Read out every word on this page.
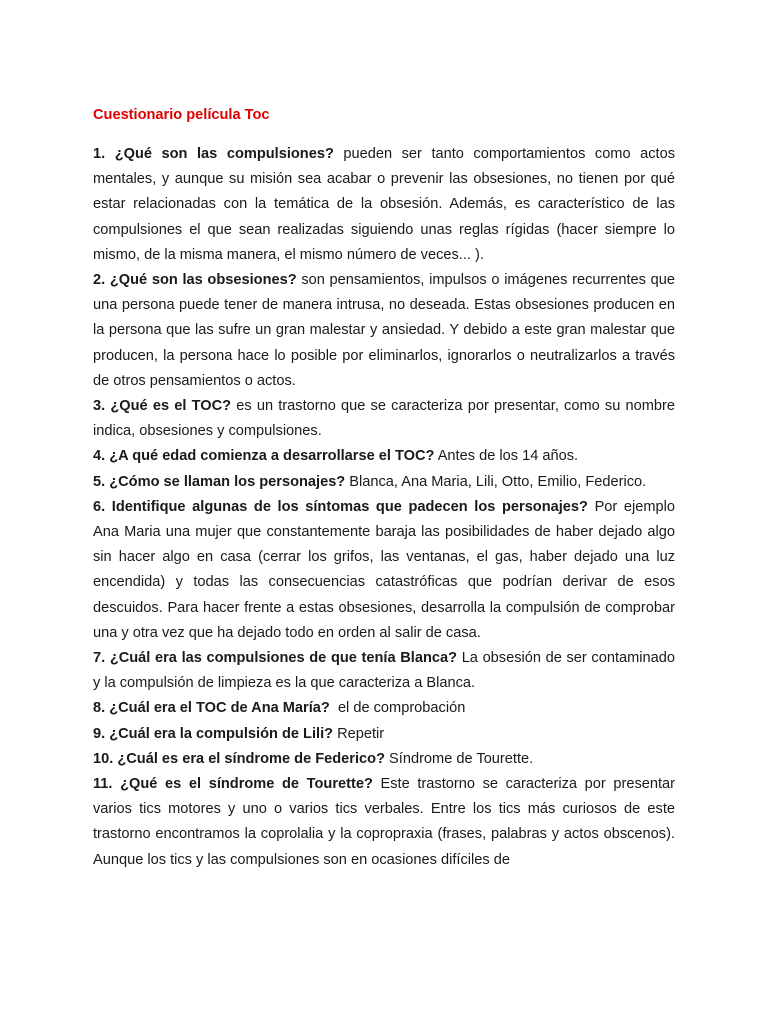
Cuestionario película Toc

1. ¿Qué son las compulsiones? pueden ser tanto comportamientos como actos mentales, y aunque su misión sea acabar o prevenir las obsesiones, no tienen por qué estar relacionadas con la temática de la obsesión. Además, es característico de las compulsiones el que sean realizadas siguiendo unas reglas rígidas (hacer siempre lo mismo, de la misma manera, el mismo número de veces... ).

2. ¿Qué son las obsesiones? son pensamientos, impulsos o imágenes recurrentes que una persona puede tener de manera intrusa, no deseada. Estas obsesiones producen en la persona que las sufre un gran malestar y ansiedad. Y debido a este gran malestar que producen, la persona hace lo posible por eliminarlos, ignorarlos o neutralizarlos a través de otros pensamientos o actos.

3. ¿Qué es el TOC? es un trastorno que se caracteriza por presentar, como su nombre indica, obsesiones y compulsiones.

4. ¿A qué edad comienza a desarrollarse el TOC? Antes de los 14 años.

5. ¿Cómo se llaman los personajes? Blanca, Ana Maria, Lili, Otto, Emilio, Federico.

6. Identifique algunas de los síntomas que padecen los personajes? Por ejemplo Ana Maria una mujer que constantemente baraja las posibilidades de haber dejado algo sin hacer algo en casa (cerrar los grifos, las ventanas, el gas, haber dejado una luz encendida) y todas las consecuencias catastróficas que podrían derivar de esos descuidos. Para hacer frente a estas obsesiones, desarrolla la compulsión de comprobar una y otra vez que ha dejado todo en orden al salir de casa.

7. ¿Cuál era las compulsiones de que tenía Blanca? La obsesión de ser contaminado y la compulsión de limpieza es la que caracteriza a Blanca.

8. ¿Cuál era el TOC de Ana María? el de comprobación

9. ¿Cuál era la compulsión de Lili? Repetir

10. ¿Cuál es era el síndrome de Federico? Síndrome de Tourette.

11. ¿Qué es el síndrome de Tourette? Este trastorno se caracteriza por presentar varios tics motores y uno o varios tics verbales. Entre los tics más curiosos de este trastorno encontramos la coprolalia y la copropraxia (frases, palabras y actos obscenos). Aunque los tics y las compulsiones son en ocasiones difíciles de
